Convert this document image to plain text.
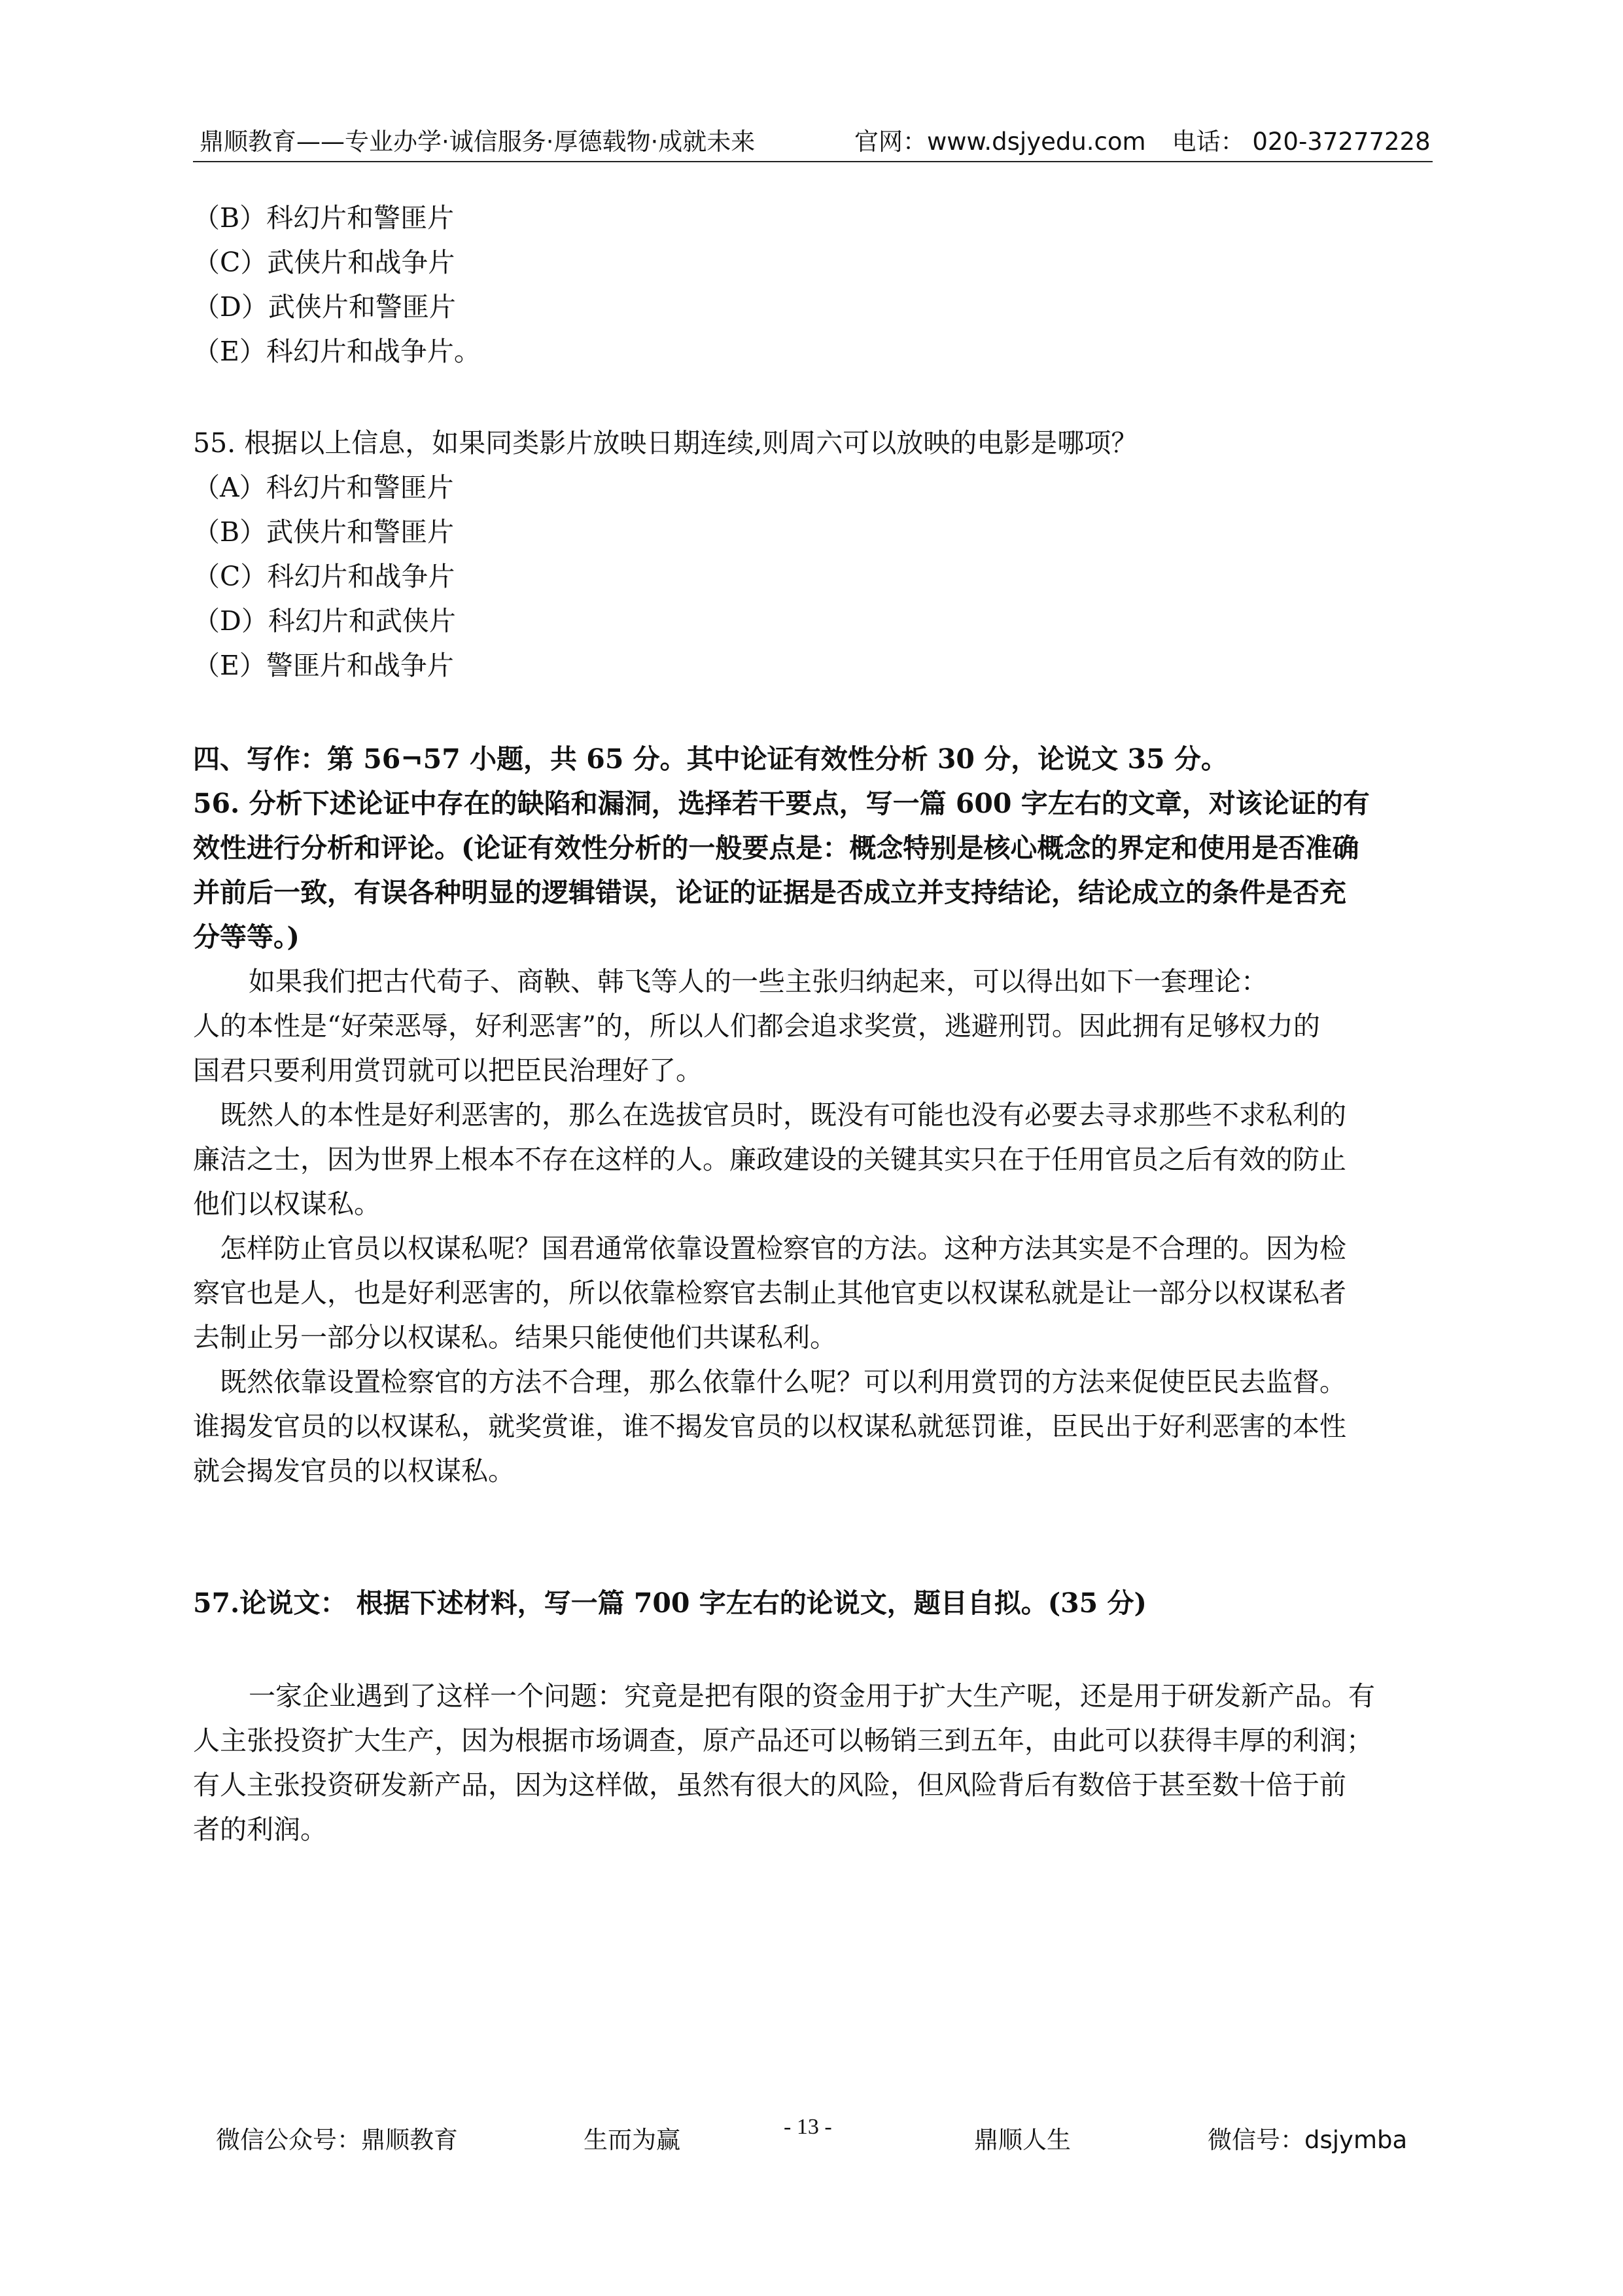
鼎顺教育——专业办学·诚信服务·厚德载物·成就未来	官网：www.dsjyedu.com 电话： 020-37277228
（B）科幻片和警匪片
（C）武侠片和战争片
（D）武侠片和警匪片
（E）科幻片和战争片。
55. 根据以上信息，如果同类影片放映日期连续,则周六可以放映的电影是哪项？
（A）科幻片和警匪片
（B）武侠片和警匪片
（C）科幻片和战争片
（D）科幻片和武侠片
（E）警匪片和战争片
四、写作：第 56¬57 小题，共 65 分。其中论证有效性分析 30 分，论说文 35 分。
56. 分析下述论证中存在的缺陷和漏洞，选择若干要点，写一篇 600 字左右的文章，对该论证的有
效性进行分析和评论。(论证有效性分析的一般要点是：概念特别是核心概念的界定和使用是否准确
并前后一致，有误各种明显的逻辑错误，论证的证据是否成立并支持结论，结论成立的条件是否充
分等等。)
如果我们把古代荀子、商鞅、韩飞等人的一些主张归纳起来，可以得出如下一套理论：
人的本性是“好荣恶辱，好利恶害”的，所以人们都会追求奖赏，逃避刑罚。因此拥有足够权力的
国君只要利用赏罚就可以把臣民治理好了。
既然人的本性是好利恶害的，那么在选拔官员时，既没有可能也没有必要去寻求那些不求私利的
廉洁之士，因为世界上根本不存在这样的人。廉政建设的关键其实只在于任用官员之后有效的防止
他们以权谋私。
怎样防止官员以权谋私呢？国君通常依靠设置检察官的方法。这种方法其实是不合理的。因为检
察官也是人，也是好利恶害的，所以依靠检察官去制止其他官吏以权谋私就是让一部分以权谋私者
去制止另一部分以权谋私。结果只能使他们共谋私利。
既然依靠设置检察官的方法不合理，那么依靠什么呢？可以利用赏罚的方法来促使臣民去监督。
谁揭发官员的以权谋私，就奖赏谁，谁不揭发官员的以权谋私就惩罚谁，臣民出于好利恶害的本性
就会揭发官员的以权谋私。
57.论说文： 根据下述材料，写一篇 700 字左右的论说文，题目自拟。(35 分)
一家企业遇到了这样一个问题：究竟是把有限的资金用于扩大生产呢，还是用于研发新产品。有
人主张投资扩大生产，因为根据市场调查，原产品还可以畅销三到五年，由此可以获得丰厚的利润；
有人主张投资研发新产品，因为这样做，虽然有很大的风险，但风险背后有数倍于甚至数十倍于前
者的利润。
微信公众号：鼎顺教育	生而为赢	- 13 -	鼎顺人生	微信号：dsjymba
